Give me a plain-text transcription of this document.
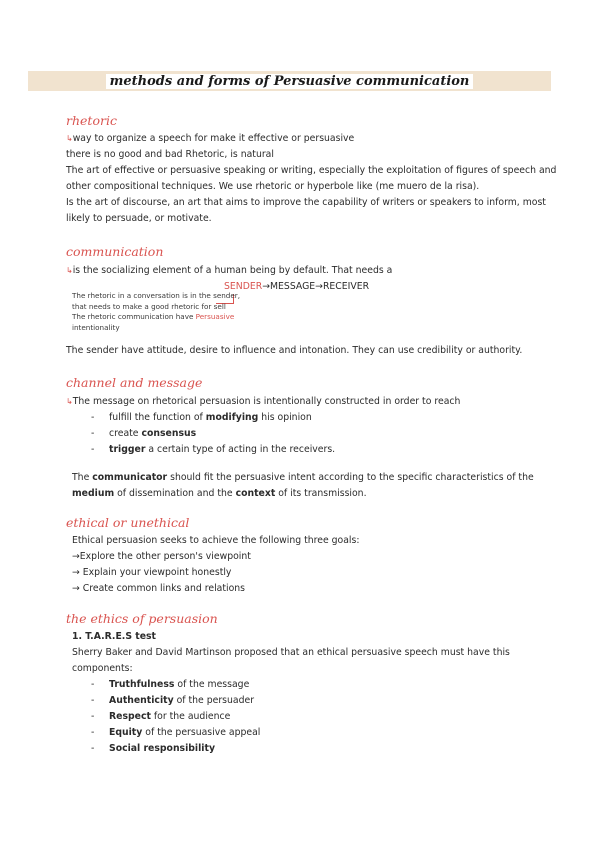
methods and forms of Persuasive communication
rhetoric
↳way to organize a speech for make it effective or persuasive
there is no good and bad Rhetoric, is natural
The art of effective or persuasive speaking or writing, especially the exploitation of figures of speech and
other compositional techniques. We use rhetoric or hyperbole like (me muero de la risa).
Is the art of discourse, an art that aims to improve the capability of writers or speakers to inform, most
likely to persuade, or motivate.
communication
↳is the socializing element of a human being by default. That needs a
SENDER→MESSAGE→RECEIVER
The rhetoric in a conversation is in the sender,
that needs to make a good rhetoric for sell
The rhetoric communication have Persuasive
intentionality
The sender have attitude, desire to influence and intonation. They can use credibility or authority.
channel and message
↳The message on rhetorical persuasion is intentionally constructed in order to reach
- fulfill the function of modifying his opinion
- create consensus
- trigger a certain type of acting in the receivers.
The communicator should fit the persuasive intent according to the specific characteristics of the
medium of dissemination and the context of its transmission.
ethical or unethical
Ethical persuasion seeks to achieve the following three goals:
→Explore the other person's viewpoint
→ Explain your viewpoint honestly
→ Create common links and relations
the ethics of persuasion
1. T.A.R.E.S test
Sherry Baker and David Martinson proposed that an ethical persuasive speech must have this
components:
- Truthfulness of the message
- Authenticity of the persuader
- Respect for the audience
- Equity of the persuasive appeal
- Social responsibility
